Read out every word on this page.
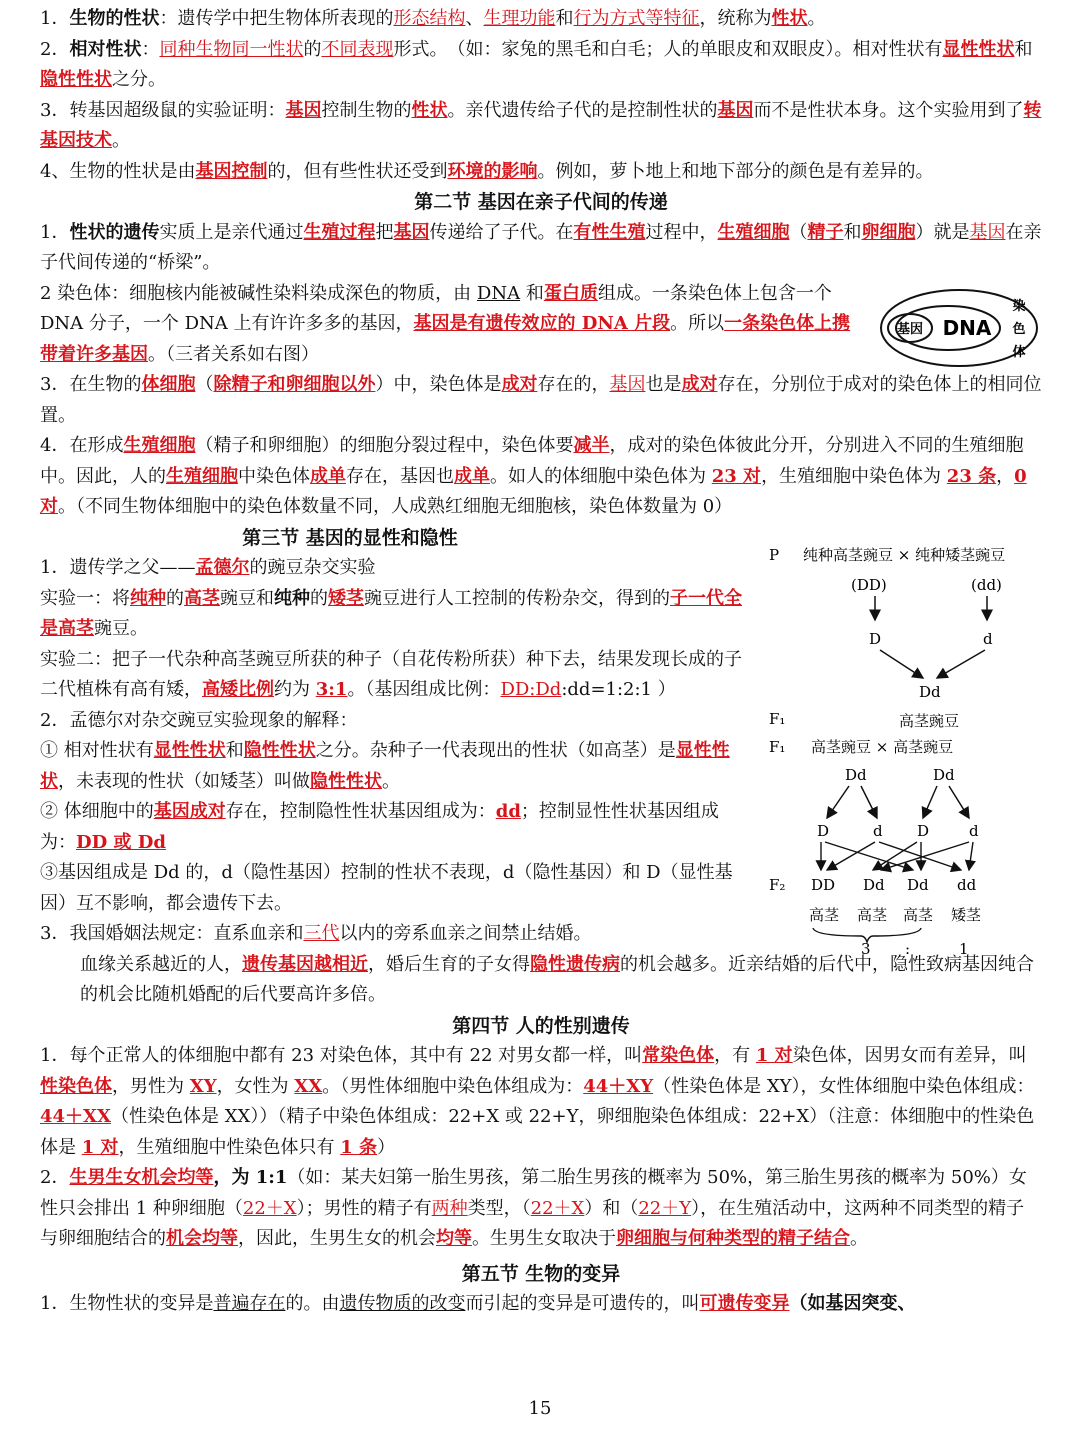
1．生物的性状：遗传学中把生物体所表现的形态结构、生理功能和行为方式等特征，统称为性状。

2．相对性状：同种生物同一性状的不同表现形式。　（如：家兔的黑毛和白毛；人的单眼皮和双眼皮）。相对性状有显性性状和隐性性状之分。

3．转基因超级鼠的实验证明：基因控制生物的性状。亲代遗传给子代的是控制性状的基因而不是性状本身。这个实验用到了转基因技术。

4、生物的性状是由基因控制的，但有些性状还受到环境的影响。例如，萝卜地上和地下部分的颜色是有差异的。

第二节 基因在亲子代间的传递

1．性状的遗传实质上是亲代通过生殖过程把基因传递给了子代。在有性生殖过程中，生殖细胞（精子和卵细胞）就是基因在亲子代间传递的“桥梁”。

2 染色体：细胞核内能被碱性染料染成深色的物质，由 DNA 和蛋白质组成。一条染色体上包含一个 DNA 分子，一个 DNA 上有许许多多的基因，基因是有遗传效应的 DNA 片段。所以一条染色体上携带着许多基因。（三者关系如右图）

3．在生物的体细胞（除精子和卵细胞以外）中，染色体是成对存在的，基因也是成对存在，分别位于成对的染色体上的相同位置。

4．在形成生殖细胞（精子和卵细胞）的细胞分裂过程中，染色体要减半，成对的染色体彼此分开，分别进入不同的生殖细胞中。因此，人的生殖细胞中染色体成单存在，基因也成单。如人的体细胞中染色体为 23 对，生殖细胞中染色体为 23 条，0 对。（不同生物体细胞中的染色体数量不同，人成熟红细胞无细胞核，染色体数量为 0）

第三节 基因的显性和隐性

1．遗传学之父——孟德尔的豌豆杂交实验

实验一：将纯种的高茎豌豆和纯种的矮茎豌豆进行人工控制的传粉杂交，得到的子一代全是高茎豌豆。

实验二：把子一代杂种高茎豌豆所获的种子（自花传粉所获）种下去，结果发现长成的子二代植株有高有矮，高矮比例约为 3:1。（基因组成比例：DD:Dd:dd=1:2:1 ）

2．孟德尔对杂交豌豆实验现象的解释：

① 相对性状有显性性状和隐性性状之分。杂种子一代表现出的性状（如高茎）是显性性状，未表现的性状（如矮茎）叫做隐性性状。

② 体细胞中的基因成对存在，控制隐性性状基因组成为：dd；控制显性性状基因组成为：DD 或 Dd

③基因组成是 Dd 的，d（隐性基因）控制的性状不表现，d（隐性基因）和 D（显性基因）互不影响，都会遗传下去。

3．我国婚姻法规定：直系血亲和三代以内的旁系血亲之间禁止结婚。

血缘关系越近的人，遗传基因越相近，婚后生育的子女得隐性遗传病的机会越多。近亲结婚的后代中，隐性致病基因纯合的机会比随机婚配的后代要高许多倍。

第四节 人的性别遗传

1．每个正常人的体细胞中都有 23 对染色体，其中有 22 对男女都一样，叫常染色体，有 1 对染色体，因男女而有差异，叫性染色体，男性为 XY，女性为 XX。（男性体细胞中染色体组成为：44＋XY（性染色体是 XY），女性体细胞中染色体组成：44＋XX（性染色体是 XX））（精子中染色体组成：22+X 或 22+Y，卵细胞染色体组成：22+X）（注意：体细胞中的性染色体是 1 对，生殖细胞中性染色体只有 1 条）

2．生男生女机会均等，为 1:1（如：某夫妇第一胎生男孩，第二胎生男孩的概率为 50%，第三胎生男孩的概率为 50%）女性只会排出 1 种卵细胞（22＋X）；男性的精子有两种类型，（22＋X）和（22＋Y），在生殖活动中，这两种不同类型的精子与卵细胞结合的机会均等，因此，生男生女的机会均等。生男生女取决于卵细胞与何种类型的精子结合。

第五节 生物的变异

1．生物性状的变异是普遍存在的。由遗传物质的改变而引起的变异是可遗传的，叫可遗传变异（如基因突变、

基因 DNA
染
色
体
P 纯种高茎豌豆 × 纯种矮茎豌豆
(DD)	(dd)
D	d
Dd
F₁	高茎豌豆
F₁ 高茎豌豆 × 高茎豌豆
Dd	Dd
D	d D	d
F₂ DD Dd Dd dd
高茎 高茎 高茎 矮茎
3 :	1
15
